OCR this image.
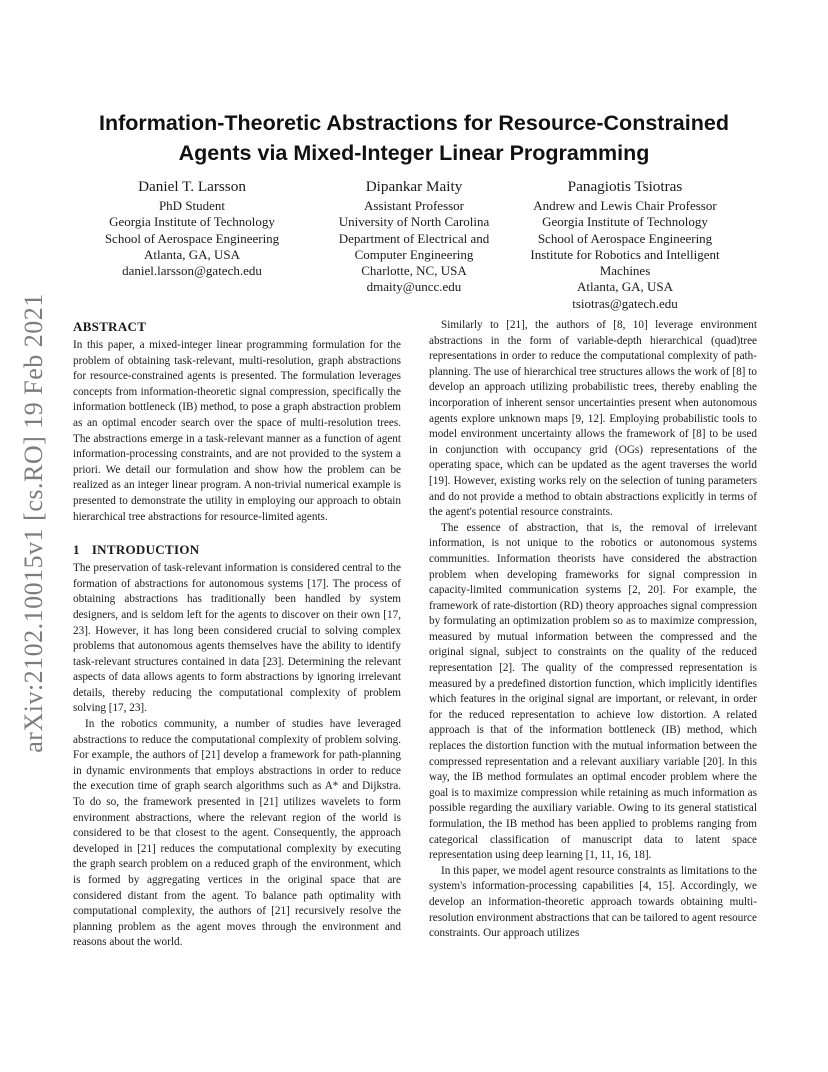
arXiv:2102.10015v1 [cs.RO] 19 Feb 2021
Information-Theoretic Abstractions for Resource-Constrained Agents via Mixed-Integer Linear Programming
Daniel T. Larsson
PhD Student
Georgia Institute of Technology
School of Aerospace Engineering
Atlanta, GA, USA
daniel.larsson@gatech.edu
Dipankar Maity
Assistant Professor
University of North Carolina
Department of Electrical and
Computer Engineering
Charlotte, NC, USA
dmaity@uncc.edu
Panagiotis Tsiotras
Andrew and Lewis Chair Professor
Georgia Institute of Technology
School of Aerospace Engineering
Institute for Robotics and Intelligent
Machines
Atlanta, GA, USA
tsiotras@gatech.edu
ABSTRACT

In this paper, a mixed-integer linear programming formulation for the problem of obtaining task-relevant, multi-resolution, graph abstractions for resource-constrained agents is presented. The formulation leverages concepts from information-theoretic signal compression, specifically the information bottleneck (IB) method, to pose a graph abstraction problem as an optimal encoder search over the space of multi-resolution trees. The abstractions emerge in a task-relevant manner as a function of agent information-processing constraints, and are not provided to the system a priori. We detail our formulation and show how the problem can be realized as an integer linear program. A non-trivial numerical example is presented to demonstrate the utility in employing our approach to obtain hierarchical tree abstractions for resource-limited agents.

1 INTRODUCTION

The preservation of task-relevant information is considered central to the formation of abstractions for autonomous systems [17]. The process of obtaining abstractions has traditionally been handled by system designers, and is seldom left for the agents to discover on their own [17, 23]. However, it has long been considered crucial to solving complex problems that autonomous agents themselves have the ability to identify task-relevant structures contained in data [23]. Determining the relevant aspects of data allows agents to form abstractions by ignoring irrelevant details, thereby reducing the computational complexity of problem solving [17, 23].

In the robotics community, a number of studies have leveraged abstractions to reduce the computational complexity of problem solving. For example, the authors of [21] develop a framework for path-planning in dynamic environments that employs abstractions in order to reduce the execution time of graph search algorithms such as A* and Dijkstra. To do so, the framework presented in [21] utilizes wavelets to form environment abstractions, where the relevant region of the world is considered to be that closest to the agent. Consequently, the approach developed in [21] reduces the computational complexity by executing the graph search problem on a reduced graph of the environment, which is formed by aggregating vertices in the original space that are considered distant from the agent. To balance path optimality with computational complexity, the authors of [21] recursively resolve the planning problem as the agent moves through the environment and reasons about the world.

Similarly to [21], the authors of [8, 10] leverage environment abstractions in the form of variable-depth hierarchical (quad)tree representations in order to reduce the computational complexity of path-planning. The use of hierarchical tree structures allows the work of [8] to develop an approach utilizing probabilistic trees, thereby enabling the incorporation of inherent sensor uncertainties present when autonomous agents explore unknown maps [9, 12]. Employing probabilistic tools to model environment uncertainty allows the framework of [8] to be used in conjunction with occupancy grid (OGs) representations of the operating space, which can be updated as the agent traverses the world [19]. However, existing works rely on the selection of tuning parameters and do not provide a method to obtain abstractions explicitly in terms of the agent's potential resource constraints.

The essence of abstraction, that is, the removal of irrelevant information, is not unique to the robotics or autonomous systems communities. Information theorists have considered the abstraction problem when developing frameworks for signal compression in capacity-limited communication systems [2, 20]. For example, the framework of rate-distortion (RD) theory approaches signal compression by formulating an optimization problem so as to maximize compression, measured by mutual information between the compressed and the original signal, subject to constraints on the quality of the reduced representation [2]. The quality of the compressed representation is measured by a predefined distortion function, which implicitly identifies which features in the original signal are important, or relevant, in order for the reduced representation to achieve low distortion. A related approach is that of the information bottleneck (IB) method, which replaces the distortion function with the mutual information between the compressed representation and a relevant auxiliary variable [20]. In this way, the IB method formulates an optimal encoder problem where the goal is to maximize compression while retaining as much information as possible regarding the auxiliary variable. Owing to its general statistical formulation, the IB method has been applied to problems ranging from categorical classification of manuscript data to latent space representation using deep learning [1, 11, 16, 18].

In this paper, we model agent resource constraints as limitations to the system's information-processing capabilities [4, 15]. Accordingly, we develop an information-theoretic approach towards obtaining multi-resolution environment abstractions that can be tailored to agent resource constraints. Our approach utilizes
